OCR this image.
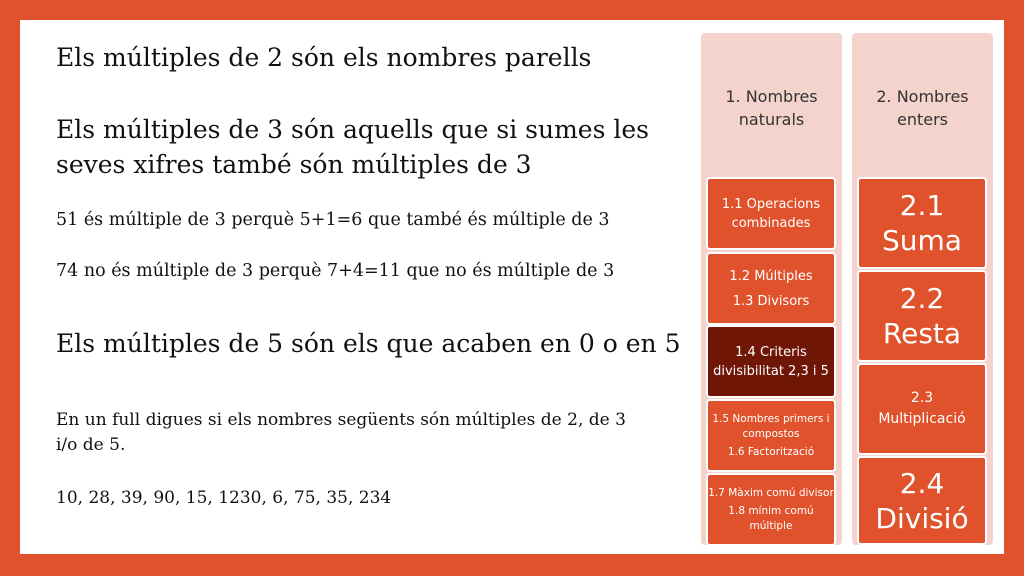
Els múltiples de 2 són els nombres parells

Els múltiples de 3 són aquells que si sumes les

seves xifres també són múltiples de 3

51 és múltiple de 3 perquè 5+1=6 que també és múltiple de 3

74 no és múltiple de 3 perquè 7+4=11 que no és múltiple de 3

Els múltiples de 5 són els que acaben en 0 o en 5

En un full digues si els nombres següents són múltiples de 2, de 3

i/o de 5.

10, 28, 39, 90, 15, 1230, 6, 75, 35, 234

1. Nombres naturals
1.1 Operacions
combinades
1.2 Múltiples
1.3 Divisors
1.4 Criteris
divisibilitat 2,3 i 5
1.5 Nombres primers i
compostos
1.6 Factorització
1.7 Màxim comú divisor
1.8 mínim comú
múltiple
2. Nombres enters
2.1
Suma
2.2
Resta
2.3
Multiplicació
2.4
Divisió
